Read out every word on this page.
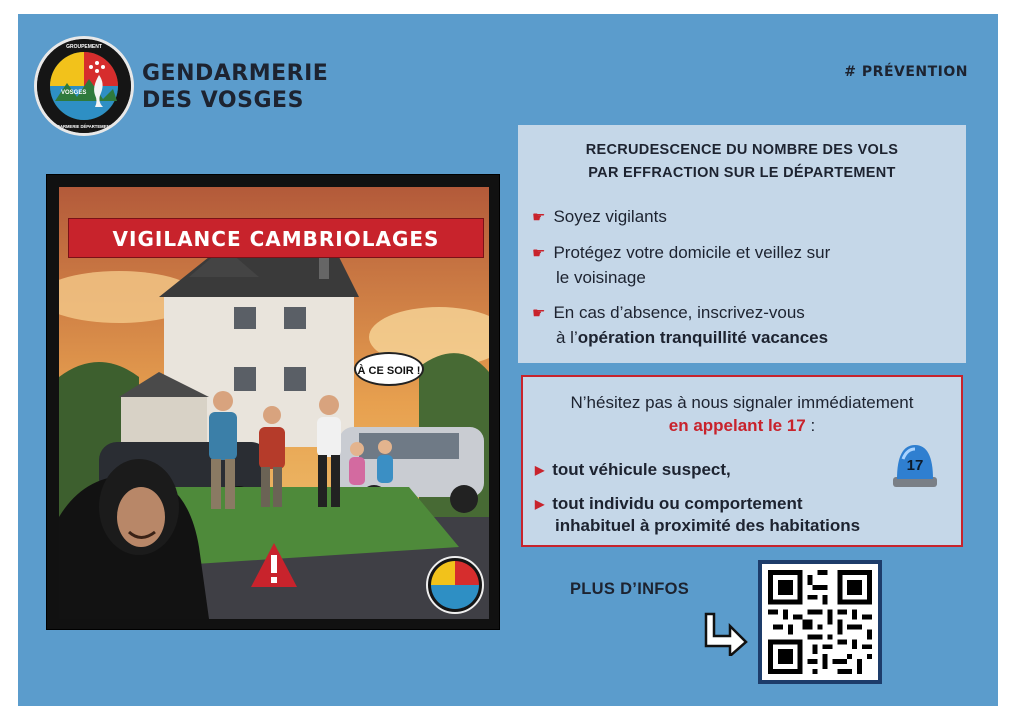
GROUPEMENT
VOSGES
GENDARMERIE DÉPARTEMENTALE
GENDARMERIE
DES VOSGES
# PRÉVENTION
VIGILANCE CAMBRIOLAGES
À CE SOIR !
RECRUDESCENCE DU NOMBRE DES VOLS
PAR EFFRACTION SUR LE DÉPARTEMENT
☛ Soyez vigilants
☛ Protégez votre domicile et veillez sur
le voisinage
☛ En cas d’absence, inscrivez-vous
à l’opération tranquillité vacances
N’hésitez pas à nous signaler immédiatement
en appelant le 17 :
▶ tout véhicule suspect,
▶ tout individu ou comportement
inhabituel à proximité des habitations
17
PLUS D’INFOS
